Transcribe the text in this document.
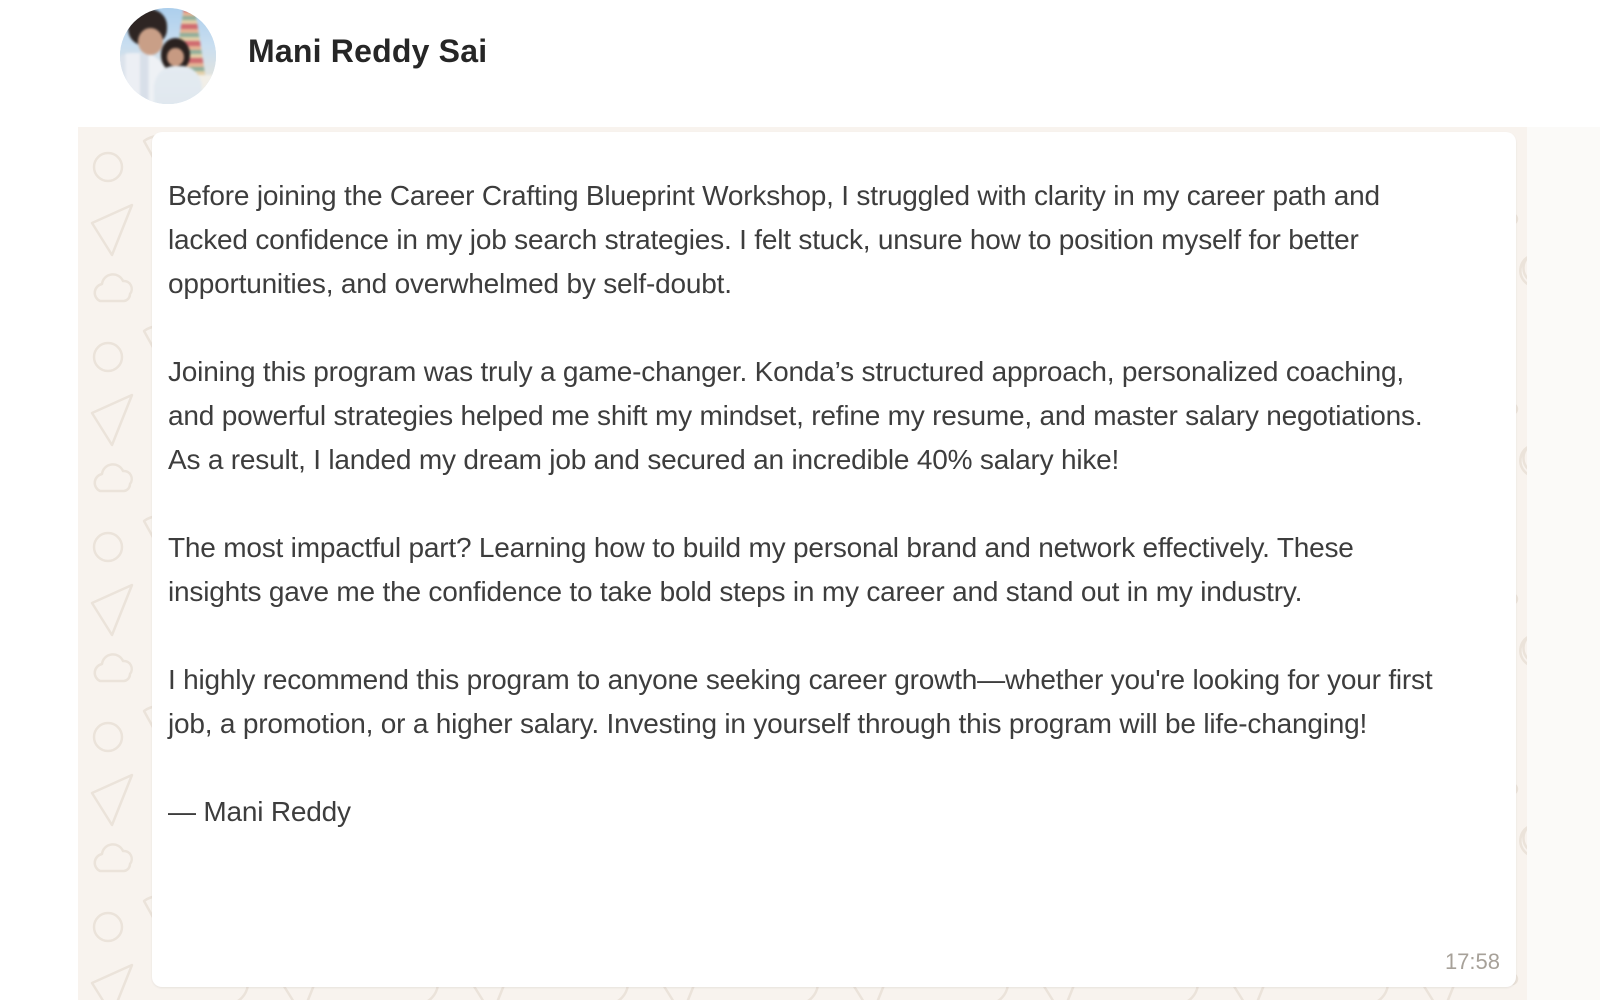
Mani Reddy Sai

Before joining the Career Crafting Blueprint Workshop, I struggled with clarity in my career path and lacked confidence in my job search strategies. I felt stuck, unsure how to position myself for better opportunities, and overwhelmed by self-doubt.

Joining this program was truly a game-changer. Konda’s structured approach, personalized coaching, and powerful strategies helped me shift my mindset, refine my resume, and master salary negotiations. As a result, I landed my dream job and secured an incredible 40% salary hike!

The most impactful part? Learning how to build my personal brand and network effectively. These insights gave me the confidence to take bold steps in my career and stand out in my industry.

I highly recommend this program to anyone seeking career growth—whether you're looking for your first job, a promotion, or a higher salary. Investing in yourself through this program will be life-changing!

— Mani Reddy

17:58
